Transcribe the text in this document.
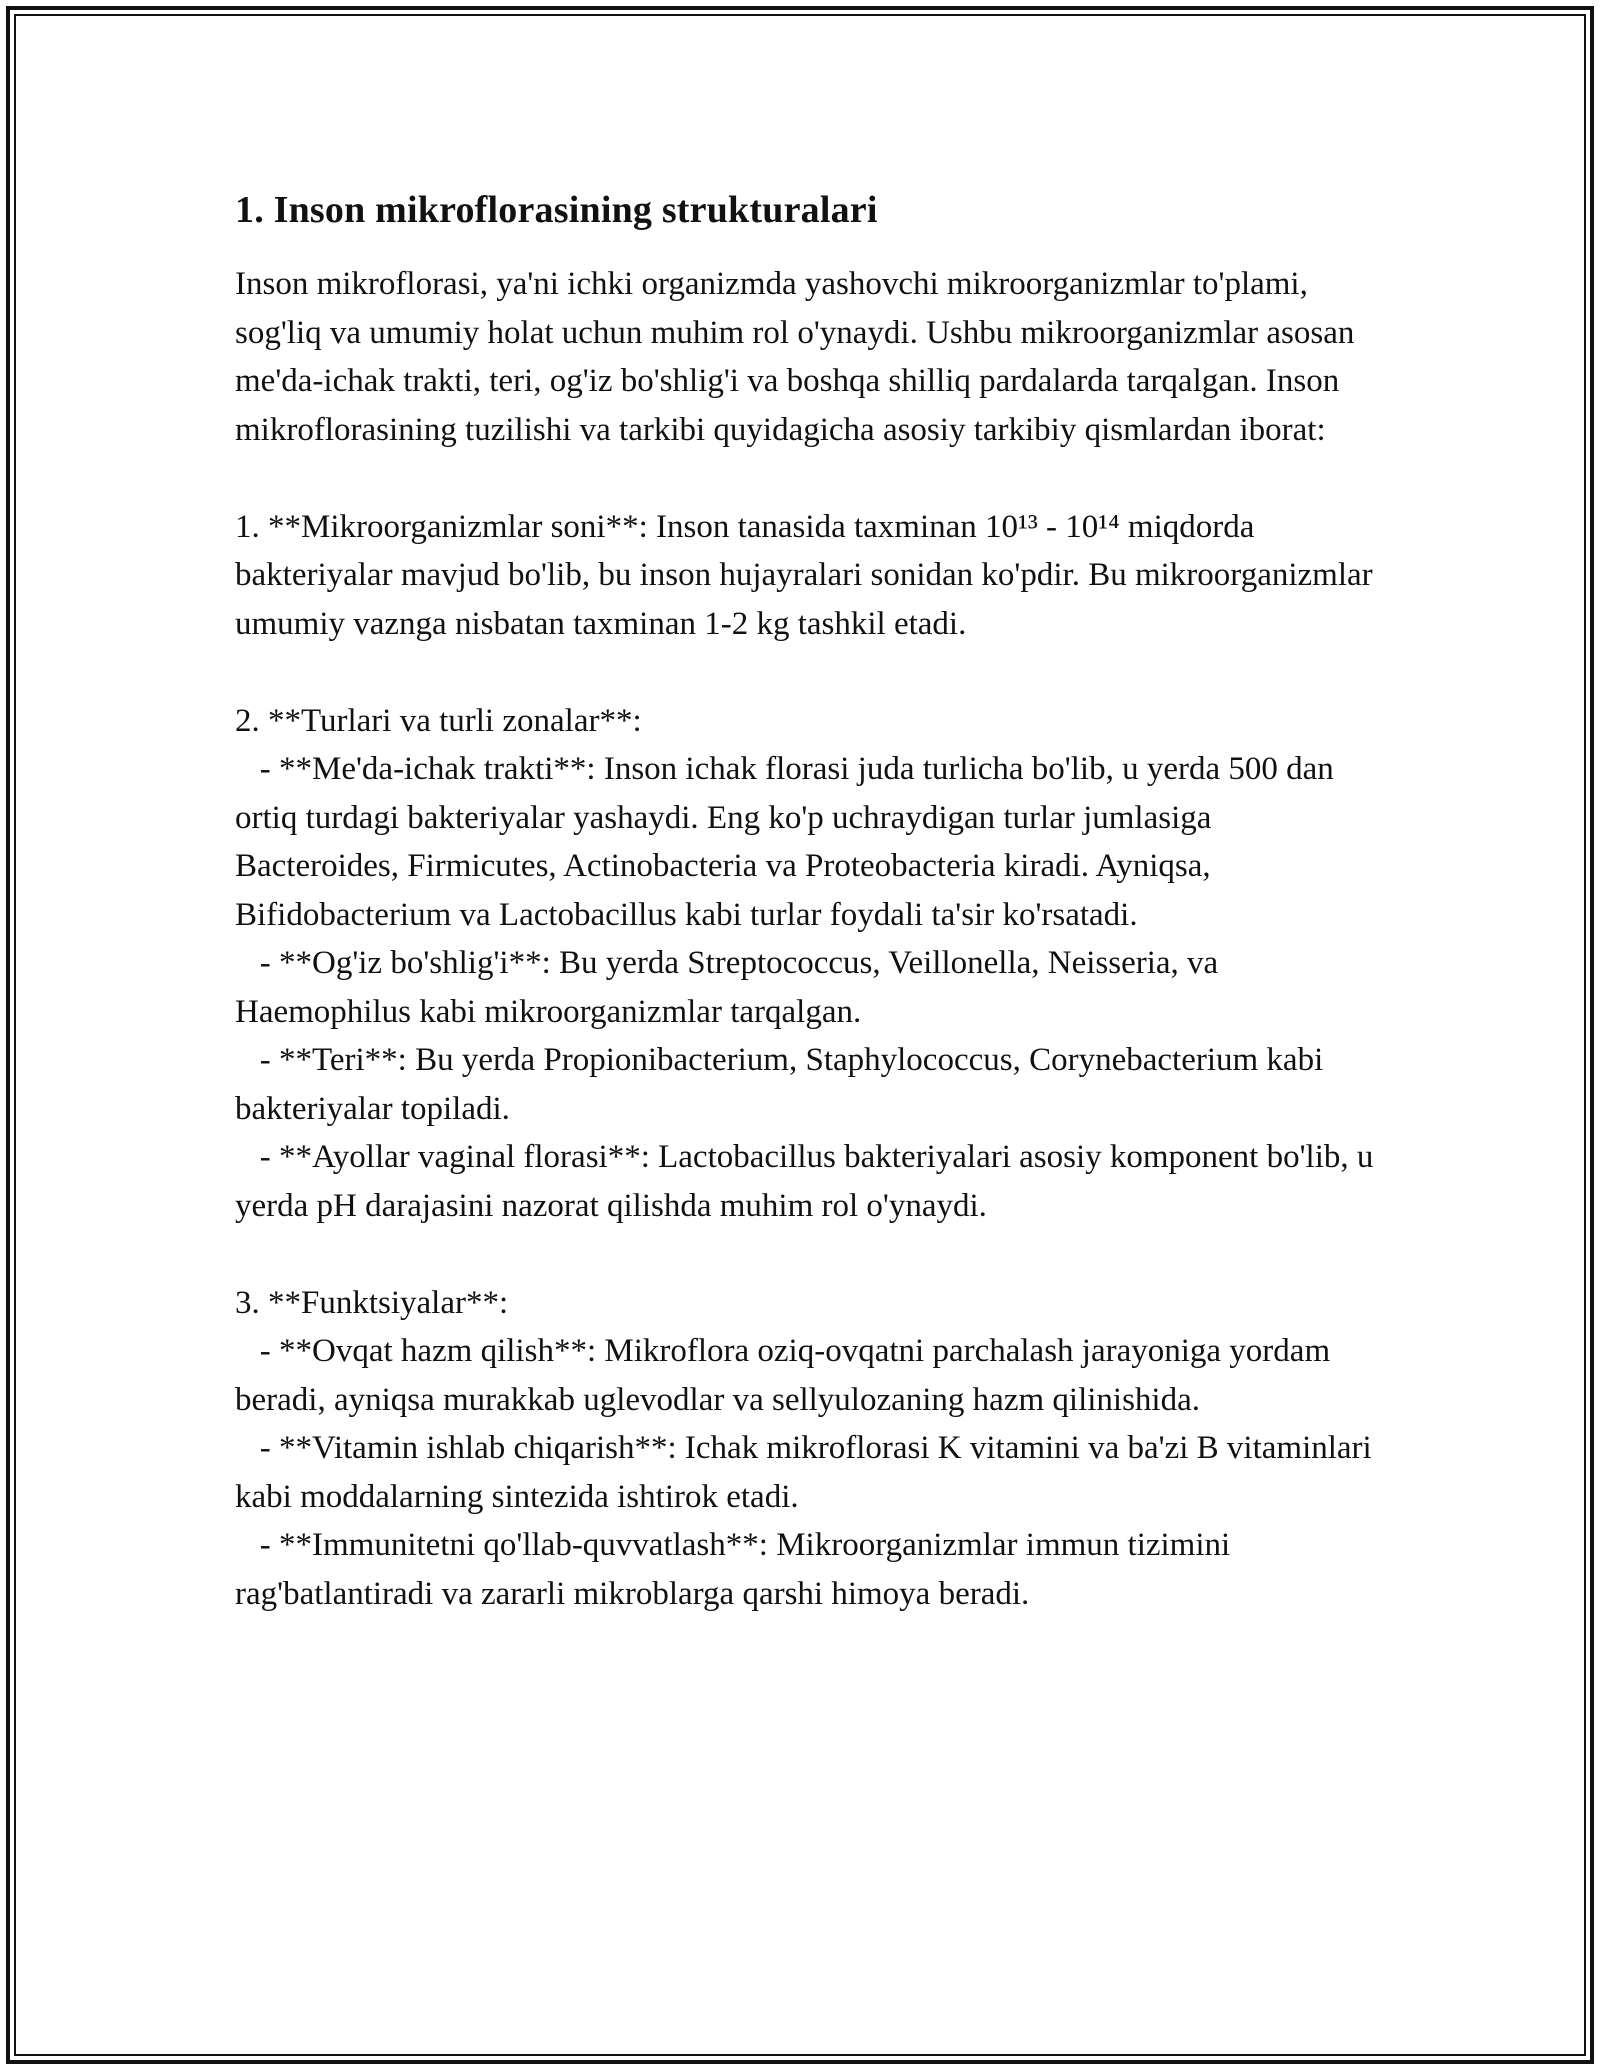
1. Inson mikroflorasining strukturalari

Inson mikroflorasi, ya'ni ichki organizmda yashovchi mikroorganizmlar to'plami, sog'liq va umumiy holat uchun muhim rol o'ynaydi. Ushbu mikroorganizmlar asosan me'da-ichak trakti, teri, og'iz bo'shlig'i va boshqa shilliq pardalarda tarqalgan. Inson mikroflorasining tuzilishi va tarkibi quyidagicha asosiy tarkibiy qismlardan iborat:

1. **Mikroorganizmlar soni**: Inson tanasida taxminan 10¹³ - 10¹⁴ miqdorda bakteriyalar mavjud bo'lib, bu inson hujayralari sonidan ko'pdir. Bu mikroorganizmlar umumiy vaznga nisbatan taxminan 1-2 kg tashkil etadi.

2. **Turlari va turli zonalar**:

- **Me'da-ichak trakti**: Inson ichak florasi juda turlicha bo'lib, u yerda 500 dan ortiq turdagi bakteriyalar yashaydi. Eng ko'p uchraydigan turlar jumlasiga Bacteroides, Firmicutes, Actinobacteria va Proteobacteria kiradi. Ayniqsa, Bifidobacterium va Lactobacillus kabi turlar foydali ta'sir ko'rsatadi.

- **Og'iz bo'shlig'i**: Bu yerda Streptococcus, Veillonella, Neisseria, va Haemophilus kabi mikroorganizmlar tarqalgan.

- **Teri**: Bu yerda Propionibacterium, Staphylococcus, Corynebacterium kabi bakteriyalar topiladi.

- **Ayollar vaginal florasi**: Lactobacillus bakteriyalari asosiy komponent bo'lib, u yerda pH darajasini nazorat qilishda muhim rol o'ynaydi.

3. **Funktsiyalar**:

- **Ovqat hazm qilish**: Mikroflora oziq-ovqatni parchalash jarayoniga yordam beradi, ayniqsa murakkab uglevodlar va sellyulozaning hazm qilinishida.

- **Vitamin ishlab chiqarish**: Ichak mikroflorasi K vitamini va ba'zi B vitaminlari kabi moddalarning sintezida ishtirok etadi.

- **Immunitetni qo'llab-quvvatlash**: Mikroorganizmlar immun tizimini rag'batlantiradi va zararli mikroblarga qarshi himoya beradi.
